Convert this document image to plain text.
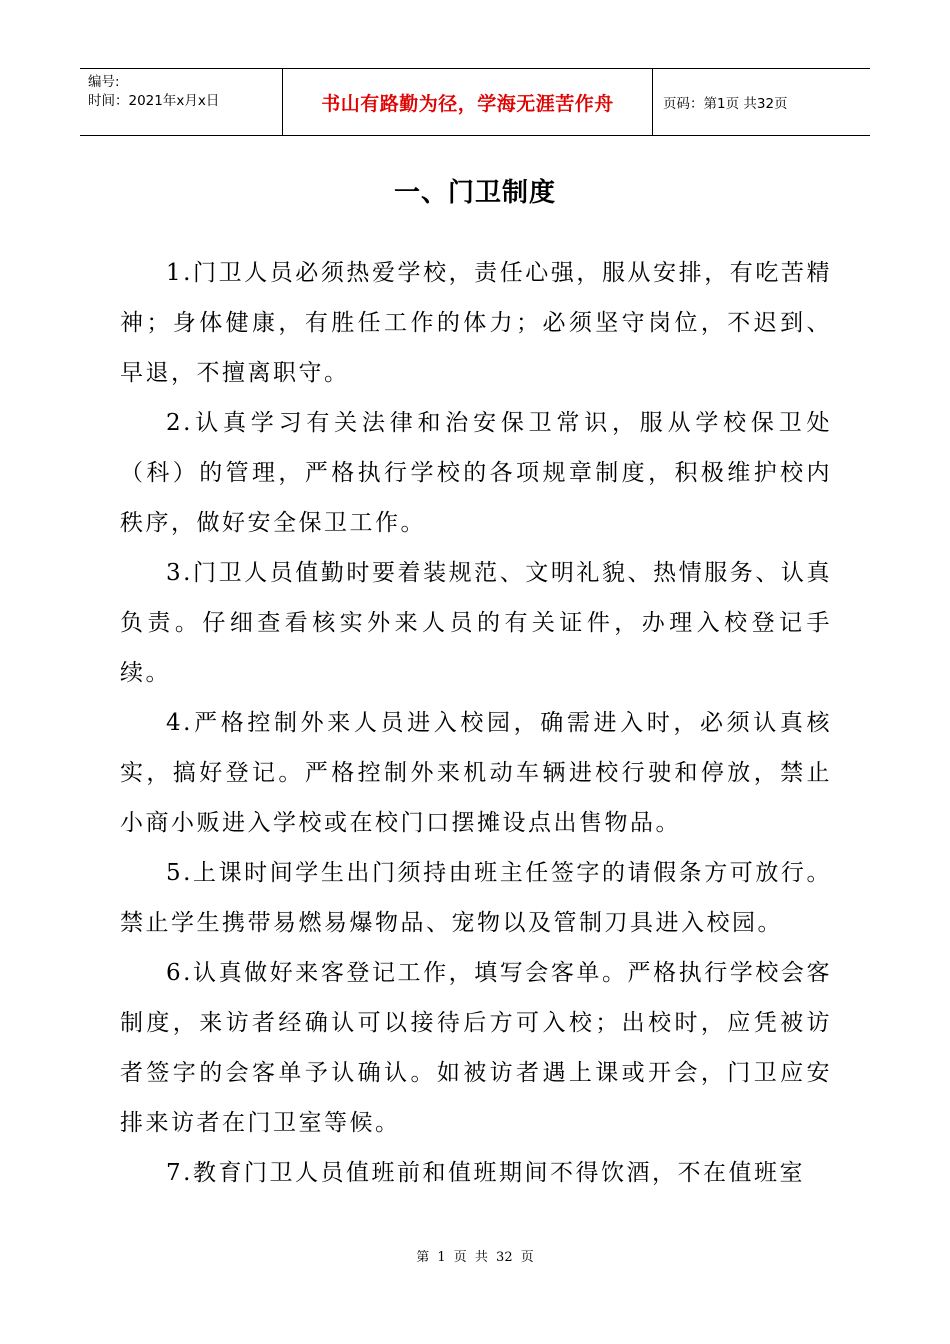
编号:
时间：2021年x月x日	书山有路勤为径，学海无涯苦作舟	页码：第1页 共32页
一、门卫制度

1.门卫人员必须热爱学校，责任心强，服从安排，有吃苦精神；身体健康，有胜任工作的体力；必须坚守岗位，不迟到、早退，不擅离职守。

2.认真学习有关法律和治安保卫常识，服从学校保卫处（科）的管理，严格执行学校的各项规章制度，积极维护校内秩序，做好安全保卫工作。

3.门卫人员值勤时要着装规范、文明礼貌、热情服务、认真负责。仔细查看核实外来人员的有关证件，办理入校登记手续。

4.严格控制外来人员进入校园，确需进入时，必须认真核实，搞好登记。严格控制外来机动车辆进校行驶和停放，禁止小商小贩进入学校或在校门口摆摊设点出售物品。

5.上课时间学生出门须持由班主任签字的请假条方可放行。禁止学生携带易燃易爆物品、宠物以及管制刀具进入校园。

6.认真做好来客登记工作，填写会客单。严格执行学校会客制度，来访者经确认可以接待后方可入校；出校时，应凭被访者签字的会客单予认确认。如被访者遇上课或开会，门卫应安排来访者在门卫室等候。

7.教育门卫人员值班前和值班期间不得饮酒，不在值班室

第 1 页 共 32 页
